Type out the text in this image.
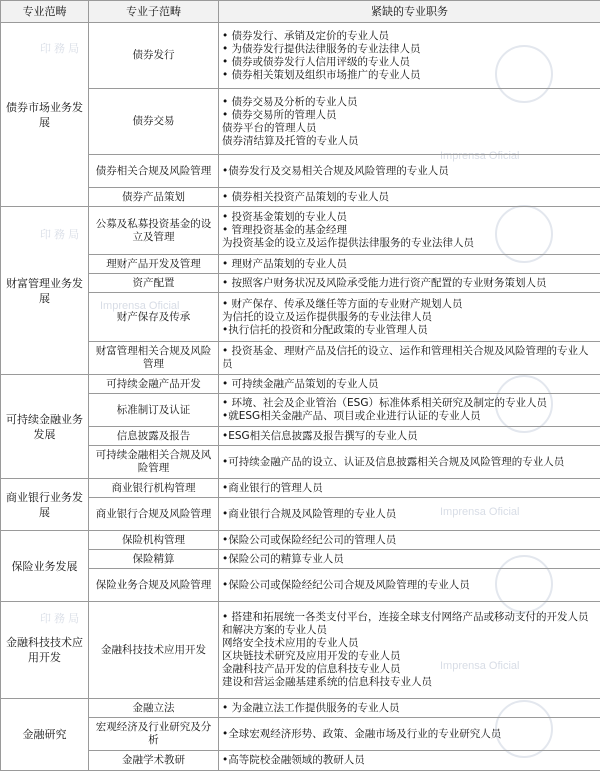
印 務 局
Imprensa Oficial
印 務 局
Imprensa Oficial
Imprensa Oficial
印 務 局
Imprensa Oficial
专业范畴	专业子范畴	紧缺的专业职务
债券市场业务发展	债券发行	• 债券发行、承销及定价的专业人员
• 为债券发行提供法律服务的专业法律人员
• 债券或债券发行人信用评级的专业人员
• 债券相关策划及组织市场推广的专业人员

	债券交易	• 债券交易及分析的专业人员
• 债券交易所的管理人员
债券平台的管理人员
债券清结算及托管的专业人员

	债券相关合规及风险管理	•债券发行及交易相关合规及风险管理的专业人员

	债券产品策划	• 债券相关投资产品策划的专业人员

财富管理业务发展	公募及私募投资基金的设立及管理	• 投资基金策划的专业人员
• 管理投资基金的基金经理
为投资基金的设立及运作提供法律服务的专业法律人员

	理财产品开发及管理	• 理财产品策划的专业人员

	资产配置	• 按照客户财务状况及风险承受能力进行资产配置的专业财务策划人员

	财产保存及传承	• 财产保存、传承及继任等方面的专业财产规划人员
为信托的设立及运作提供服务的专业法律人员
•执行信托的投资和分配政策的专业管理人员

	财富管理相关合规及风险管理	• 投资基金、理财产品及信托的设立、运作和管理相关合规及风险管理的专业人员

可持续金融业务发展	可持续金融产品开发	• 可持续金融产品策划的专业人员

	标准制订及认证	• 环境、社会及企业管治（ESG）标准体系相关研究及制定的专业人员
•就ESG相关金融产品、项目或企业进行认证的专业人员

	信息披露及报告	•ESG相关信息披露及报告撰写的专业人员

	可持续金融相关合规及风险管理	•可持续金融产品的设立、认证及信息披露相关合规及风险管理的专业人员

商业银行业务发展	商业银行机构管理	•商业银行的管理人员

	商业银行合规及风险管理	•商业银行合规及风险管理的专业人员

保险业务发展	保险机构管理	•保险公司或保险经纪公司的管理人员

	保险精算	•保险公司的精算专业人员

	保险业务合规及风险管理	•保险公司或保险经纪公司合规及风险管理的专业人员

金融科技技术应用开发	金融科技技术应用开发	• 搭建和拓展统一各类支付平台，连接全球支付网络产品或移动支付的开发人员和解决方案的专业人员
网络安全技术应用的专业人员
区块链技术研究及应用开发的专业人员
金融科技产品开发的信息科技专业人员
建设和营运金融基建系统的信息科技专业人员

金融研究	金融立法	• 为金融立法工作提供服务的专业人员

	宏观经济及行业研究及分析	•全球宏观经济形势、政策、金融市场及行业的专业研究人员

	金融学术教研	•高等院校金融领域的教研人员
